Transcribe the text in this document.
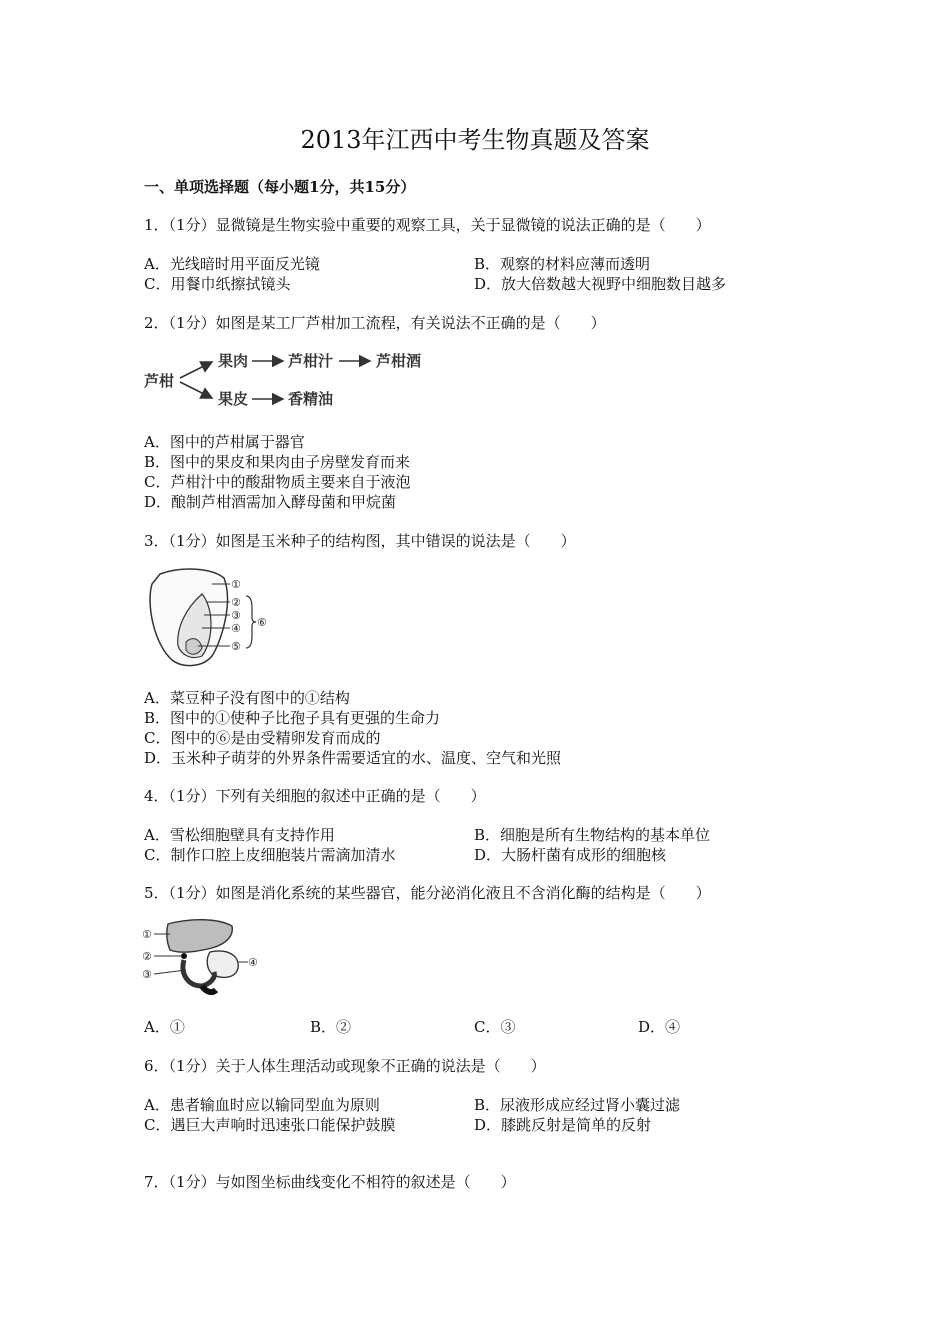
2013年江西中考生物真题及答案
一、单项选择题（每小题1分，共15分）
1．（1分）显微镜是生物实验中重要的观察工具，关于显微镜的说法正确的是（　　）
A．光线暗时用平面反光镜	B．观察的材料应薄而透明
C．用餐巾纸擦拭镜头	D．放大倍数越大视野中细胞数目越多
2．（1分）如图是某工厂芦柑加工流程，有关说法不正确的是（　　）
芦柑
果肉	芦柑汁	芦柑酒
果皮	香精油
A．图中的芦柑属于器官
B．图中的果皮和果肉由子房壁发育而来
C．芦柑汁中的酸甜物质主要来自于液泡
D．酿制芦柑酒需加入酵母菌和甲烷菌
3．（1分）如图是玉米种子的结构图，其中错误的说法是（　　）
①
②
③
④
⑤
⑥
A．菜豆种子没有图中的①结构
B．图中的①使种子比孢子具有更强的生命力
C．图中的⑥是由受精卵发育而成的
D．玉米种子萌芽的外界条件需要适宜的水、温度、空气和光照
4．（1分）下列有关细胞的叙述中正确的是（　　）
A．雪松细胞壁具有支持作用	B．细胞是所有生物结构的基本单位
C．制作口腔上皮细胞装片需滴加清水	D．大肠杆菌有成形的细胞核
5．（1分）如图是消化系统的某些器官，能分泌消化液且不含消化酶的结构是（　　）
①
②
③
④
A．①	B．②	C．③	D．④
6．（1分）关于人体生理活动或现象不正确的说法是（　　）
A．患者输血时应以输同型血为原则	B．尿液形成应经过肾小囊过滤
C．遇巨大声响时迅速张口能保护鼓膜	D．膝跳反射是简单的反射
7．（1分）与如图坐标曲线变化不相符的叙述是（　　）
